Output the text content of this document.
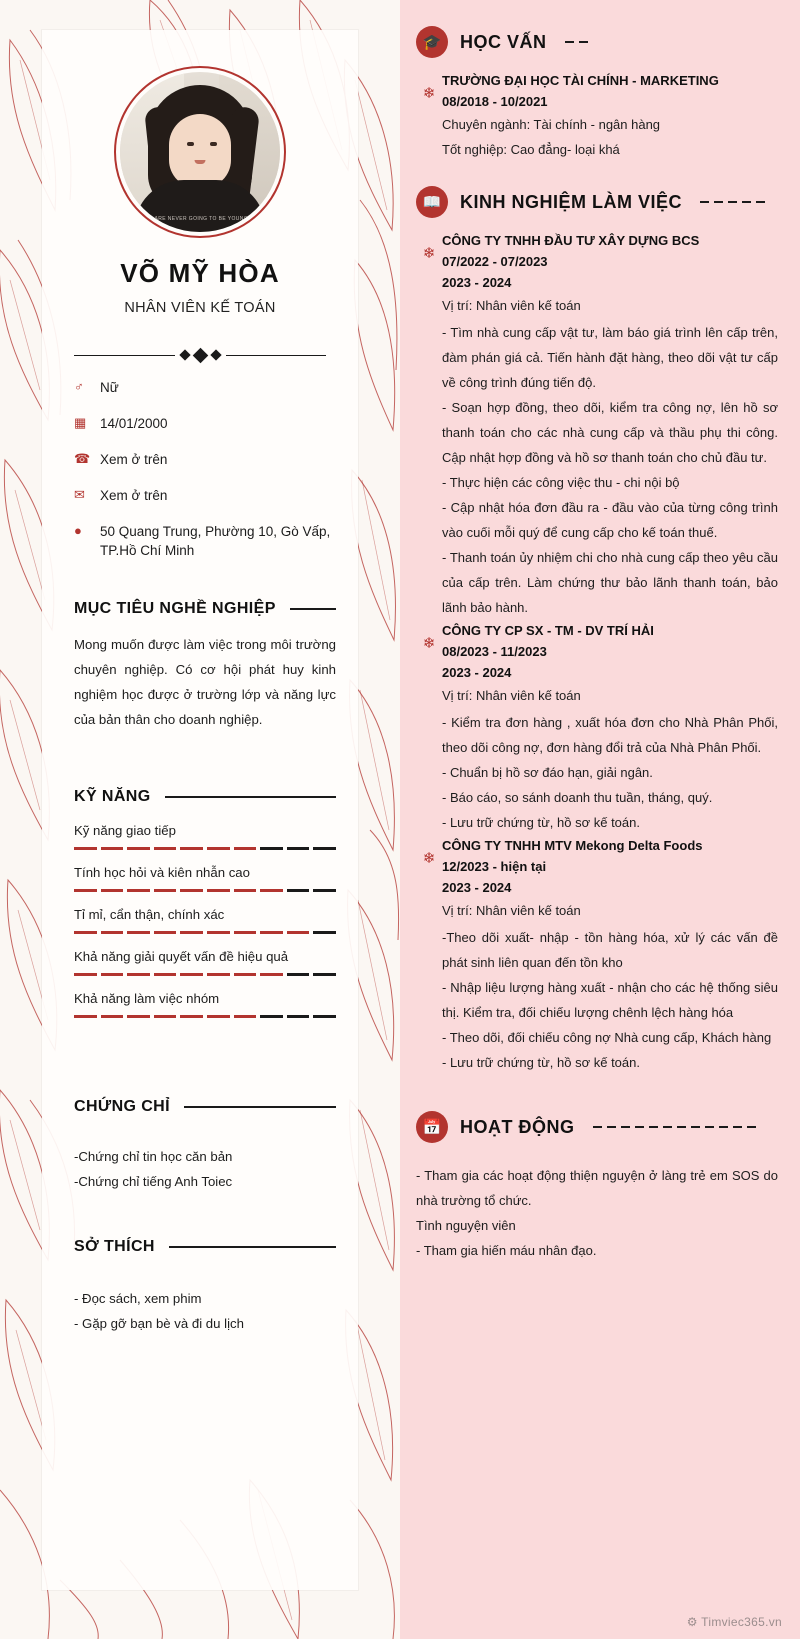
WE ARE NEVER GOING TO BE YOUNGER
VÕ MỸ HÒA
NHÂN VIÊN KẾ TOÁN
♂	Nữ
▦	14/01/2000
☎ Xem ở trên
✉	Xem ở trên
●	50 Quang Trung, Phường 10, Gò Vấp, TP.Hồ Chí Minh
MỤC TIÊU NGHỀ NGHIỆP
Mong muốn được làm việc trong môi trường chuyên nghiệp. Có cơ hội phát huy kinh nghiệm học được ở trường lớp và năng lực của bản thân cho doanh nghiệp.
KỸ NĂNG
Kỹ năng giao tiếp
Tính học hỏi và kiên nhẫn cao
Tỉ mỉ, cẩn thận, chính xác
Khả năng giải quyết vấn đề hiệu quả
Khả năng làm việc nhóm
CHỨNG CHỈ
-Chứng chỉ tin học căn bản
-Chứng chỉ tiếng Anh Toiec
SỞ THÍCH
- Đọc sách, xem phim
- Gặp gỡ bạn bè và đi du lịch
🎓	HỌC VẤN
❄
TRƯỜNG ĐẠI HỌC TÀI CHÍNH - MARKETING
08/2018 - 10/2021
Chuyên ngành: Tài chính - ngân hàng
Tốt nghiệp: Cao đẳng- loại khá
📖	KINH NGHIỆM LÀM VIỆC
❄
CÔNG TY TNHH ĐẦU TƯ XÂY DỰNG BCS
07/2022 - 07/2023
2023 - 2024
Vị trí: Nhân viên kế toán
- Tìm nhà cung cấp vật tư, làm báo giá trình lên cấp trên, đàm phán giá cả. Tiến hành đặt hàng, theo dõi vật tư cấp về công trình đúng tiến độ.
- Soạn hợp đồng, theo dõi, kiểm tra công nợ, lên hồ sơ thanh toán cho các nhà cung cấp và thầu phụ thi công. Cập nhật hợp đồng và hồ sơ thanh toán cho chủ đầu tư.
- Thực hiện các công việc thu - chi nội bộ
- Cập nhật hóa đơn đầu ra - đầu vào của từng công trình vào cuối mỗi quý để cung cấp cho kế toán thuế.
- Thanh toán ủy nhiệm chi cho nhà cung cấp theo yêu cầu của cấp trên. Làm chứng thư bảo lãnh thanh toán, bảo lãnh bảo hành.
❄
CÔNG TY CP SX - TM - DV TRÍ HẢI
08/2023 - 11/2023
2023 - 2024
Vị trí: Nhân viên kế toán
- Kiểm tra đơn hàng , xuất hóa đơn cho Nhà Phân Phối, theo dõi công nợ, đơn hàng đổi trả của Nhà Phân Phối.
- Chuẩn bị hồ sơ đáo hạn, giải ngân.
- Báo cáo, so sánh doanh thu tuần, tháng, quý.
- Lưu trữ chứng từ, hồ sơ kế toán.
❄
CÔNG TY TNHH MTV Mekong Delta Foods
12/2023 - hiện tại
2023 - 2024
Vị trí: Nhân viên kế toán
-Theo dõi xuất- nhập - tồn hàng hóa, xử lý các vấn đề phát sinh liên quan đến tồn kho
- Nhập liệu lượng hàng xuất - nhận cho các hệ thống siêu thị. Kiểm tra, đối chiếu lượng chênh lệch hàng hóa
- Theo dõi, đối chiếu công nợ Nhà cung cấp, Khách hàng
- Lưu trữ chứng từ, hồ sơ kế toán.
📅	HOẠT ĐỘNG
- Tham gia các hoạt động thiện nguyện ở làng trẻ em SOS do nhà trường tổ chức.
Tình nguyện viên
- Tham gia hiến máu nhân đạo.
⚙ Timviec365.vn
